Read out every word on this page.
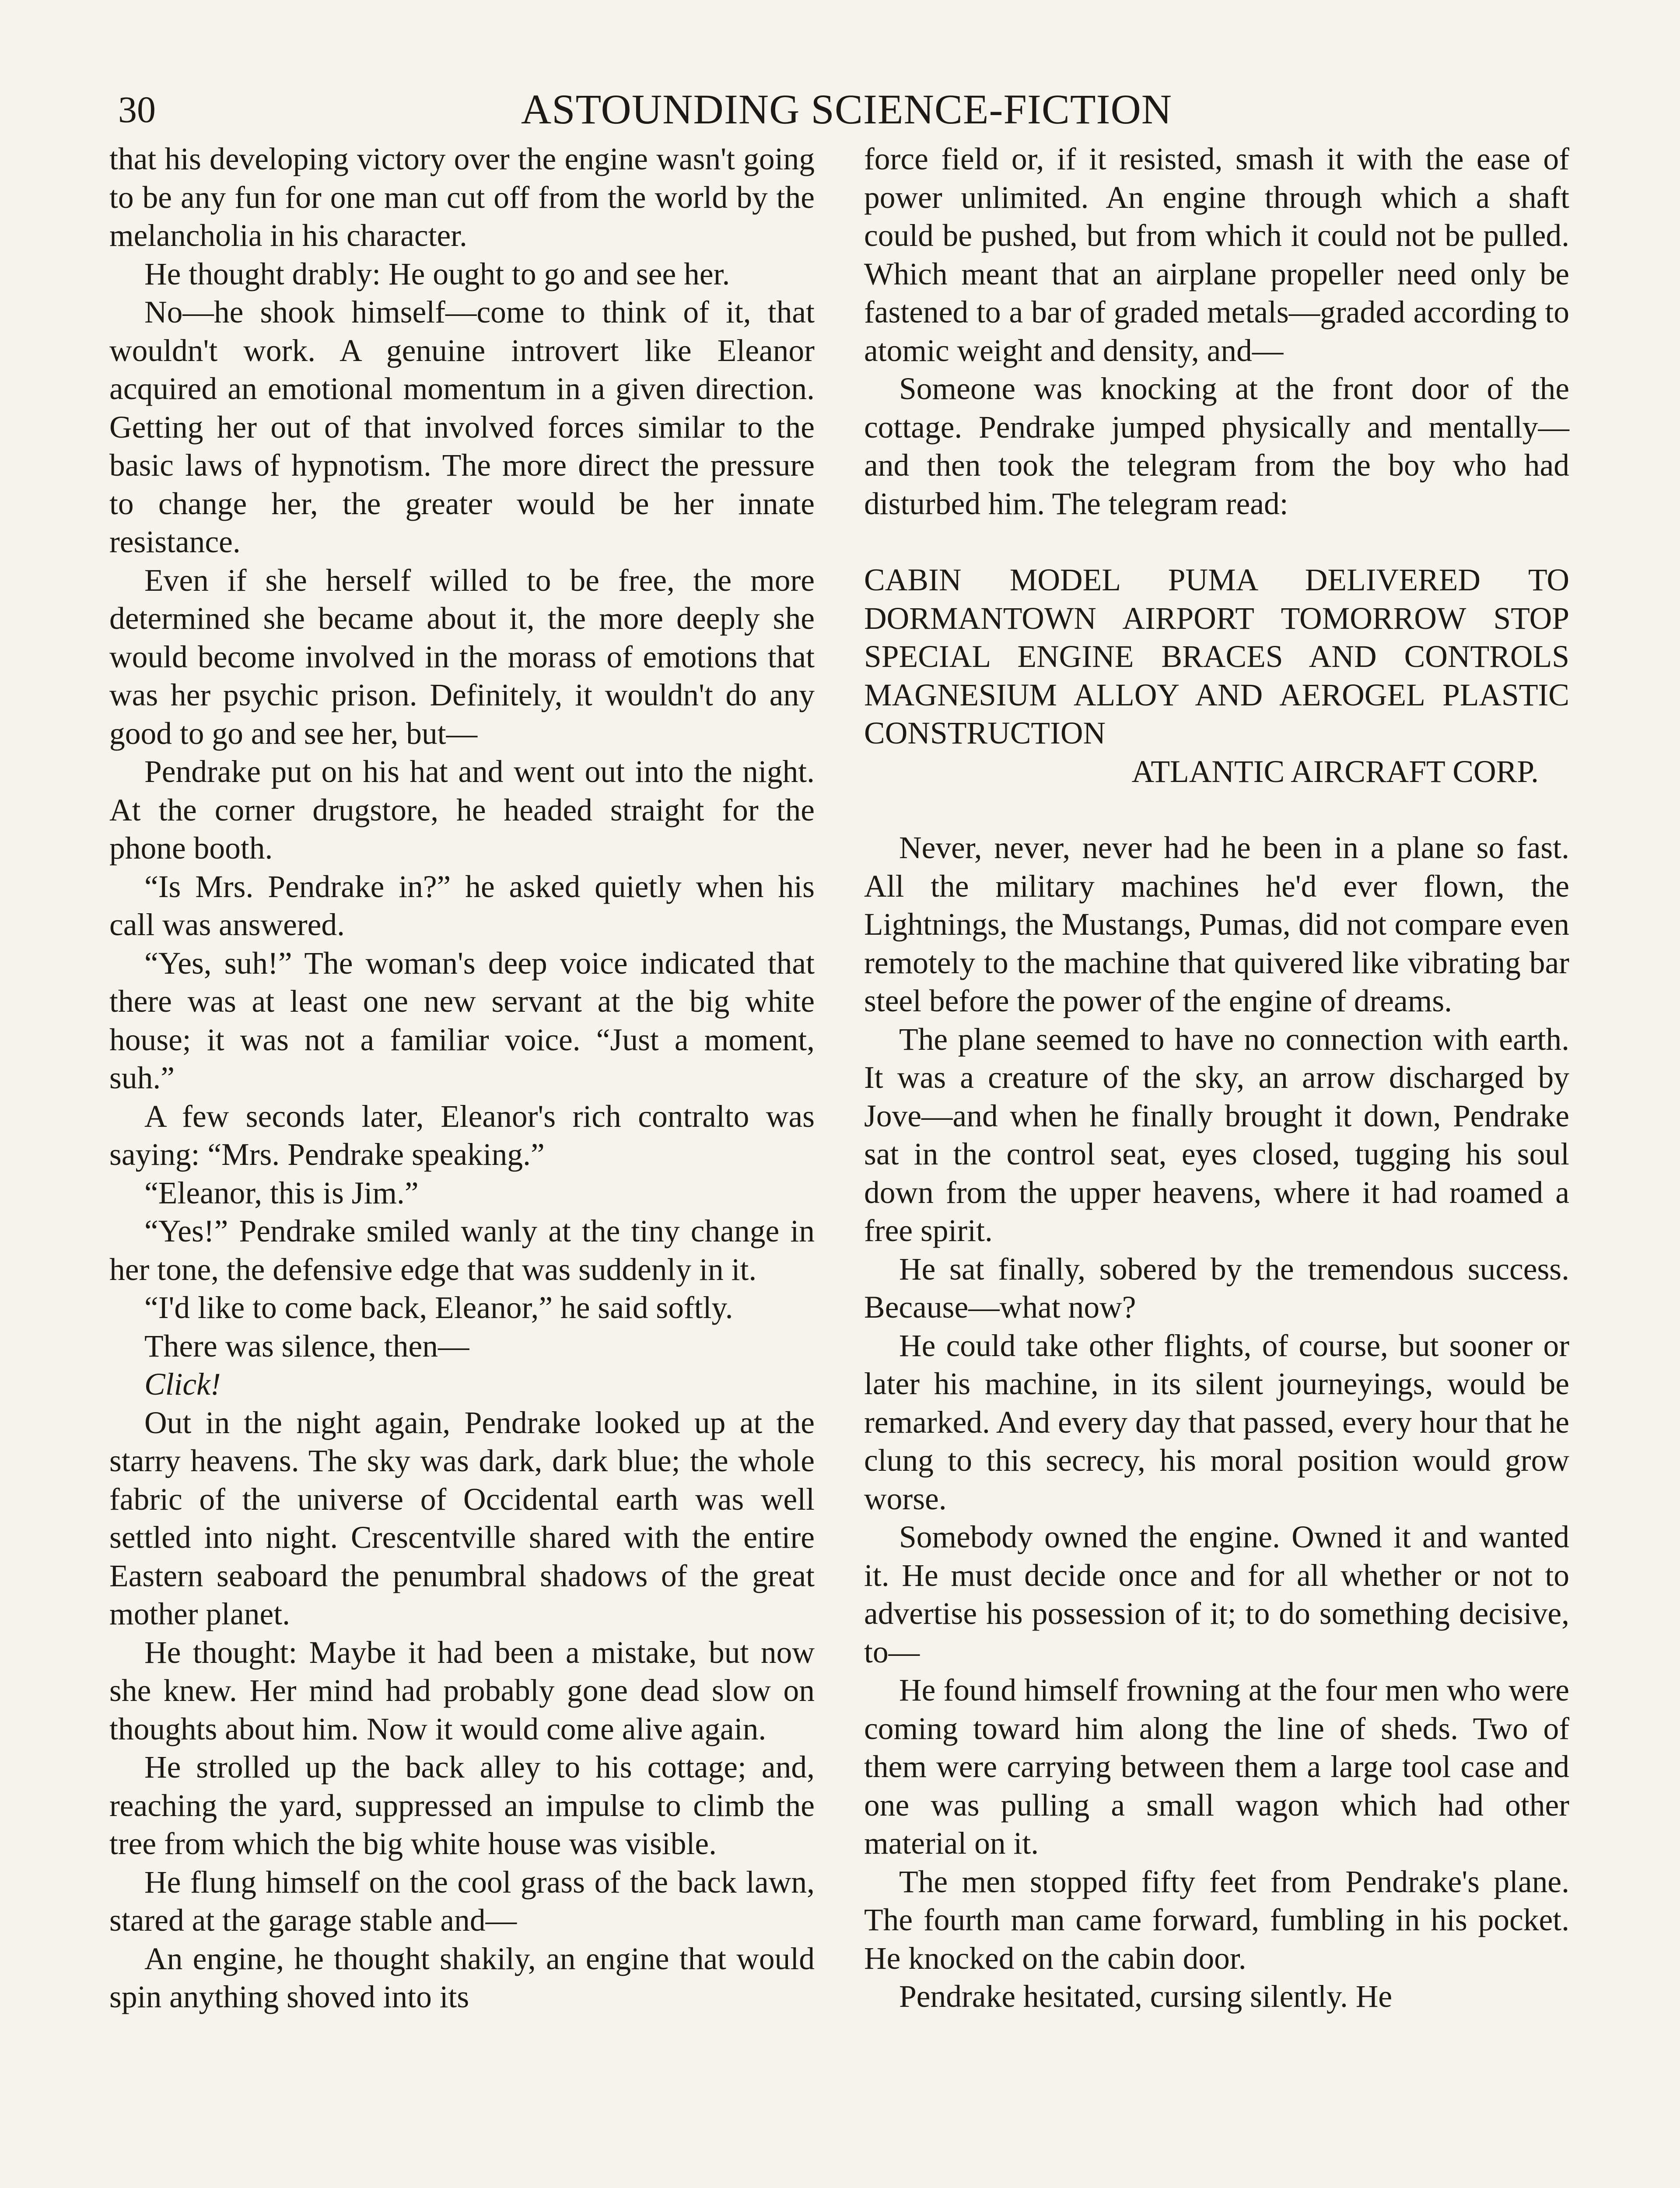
30	ASTOUNDING SCIENCE-FICTION

that his developing victory over the engine wasn't going to be any fun for one man cut off from the world by the melancholia in his character.

He thought drably: He ought to go and see her.

No—he shook himself—come to think of it, that wouldn't work. A genuine introvert like Eleanor acquired an emotional momentum in a given direction. Getting her out of that involved forces similar to the basic laws of hypnotism. The more direct the pressure to change her, the greater would be her innate resistance.

Even if she herself willed to be free, the more determined she became about it, the more deeply she would become involved in the morass of emotions that was her psychic prison. Definitely, it wouldn't do any good to go and see her, but—

Pendrake put on his hat and went out into the night. At the corner drugstore, he headed straight for the phone booth.

“Is Mrs. Pendrake in?” he asked quietly when his call was answered.

“Yes, suh!” The woman's deep voice indicated that there was at least one new servant at the big white house; it was not a familiar voice. “Just a moment, suh.”

A few seconds later, Eleanor's rich contralto was saying: “Mrs. Pendrake speaking.”

“Eleanor, this is Jim.”

“Yes!” Pendrake smiled wanly at the tiny change in her tone, the defensive edge that was suddenly in it.

“I'd like to come back, Eleanor,” he said softly.

There was silence, then—

Click!

Out in the night again, Pendrake looked up at the starry heavens. The sky was dark, dark blue; the whole fabric of the universe of Occidental earth was well settled into night. Crescentville shared with the entire Eastern seaboard the penumbral shadows of the great mother planet.

He thought: Maybe it had been a mistake, but now she knew. Her mind had probably gone dead slow on thoughts about him. Now it would come alive again.

He strolled up the back alley to his cottage; and, reaching the yard, suppressed an impulse to climb the tree from which the big white house was visible.

He flung himself on the cool grass of the back lawn, stared at the garage stable and—

An engine, he thought shakily, an engine that would spin anything shoved into its

force field or, if it resisted, smash it with the ease of power unlimited. An engine through which a shaft could be pushed, but from which it could not be pulled. Which meant that an airplane propeller need only be fastened to a bar of graded metals—graded according to atomic weight and density, and—

Someone was knocking at the front door of the cottage. Pendrake jumped physically and mentally—and then took the telegram from the boy who had disturbed him. The telegram read:

CABIN MODEL PUMA DELIVERED TO DORMANTOWN AIRPORT TOMORROW STOP SPECIAL ENGINE BRACES AND CONTROLS MAGNESIUM ALLOY AND AEROGEL PLASTIC CONSTRUCTION

ATLANTIC AIRCRAFT CORP.

Never, never, never had he been in a plane so fast. All the military machines he'd ever flown, the Lightnings, the Mustangs, Pumas, did not compare even remotely to the machine that quivered like vibrating bar steel before the power of the engine of dreams.

The plane seemed to have no connection with earth. It was a creature of the sky, an arrow discharged by Jove—and when he finally brought it down, Pendrake sat in the control seat, eyes closed, tugging his soul down from the upper heavens, where it had roamed a free spirit.

He sat finally, sobered by the tremendous success. Because—what now?

He could take other flights, of course, but sooner or later his machine, in its silent journeyings, would be remarked. And every day that passed, every hour that he clung to this secrecy, his moral position would grow worse.

Somebody owned the engine. Owned it and wanted it. He must decide once and for all whether or not to advertise his possession of it; to do something decisive, to—

He found himself frowning at the four men who were coming toward him along the line of sheds. Two of them were carrying between them a large tool case and one was pulling a small wagon which had other material on it.

The men stopped fifty feet from Pendrake's plane. The fourth man came forward, fumbling in his pocket. He knocked on the cabin door.

Pendrake hesitated, cursing silently. He
